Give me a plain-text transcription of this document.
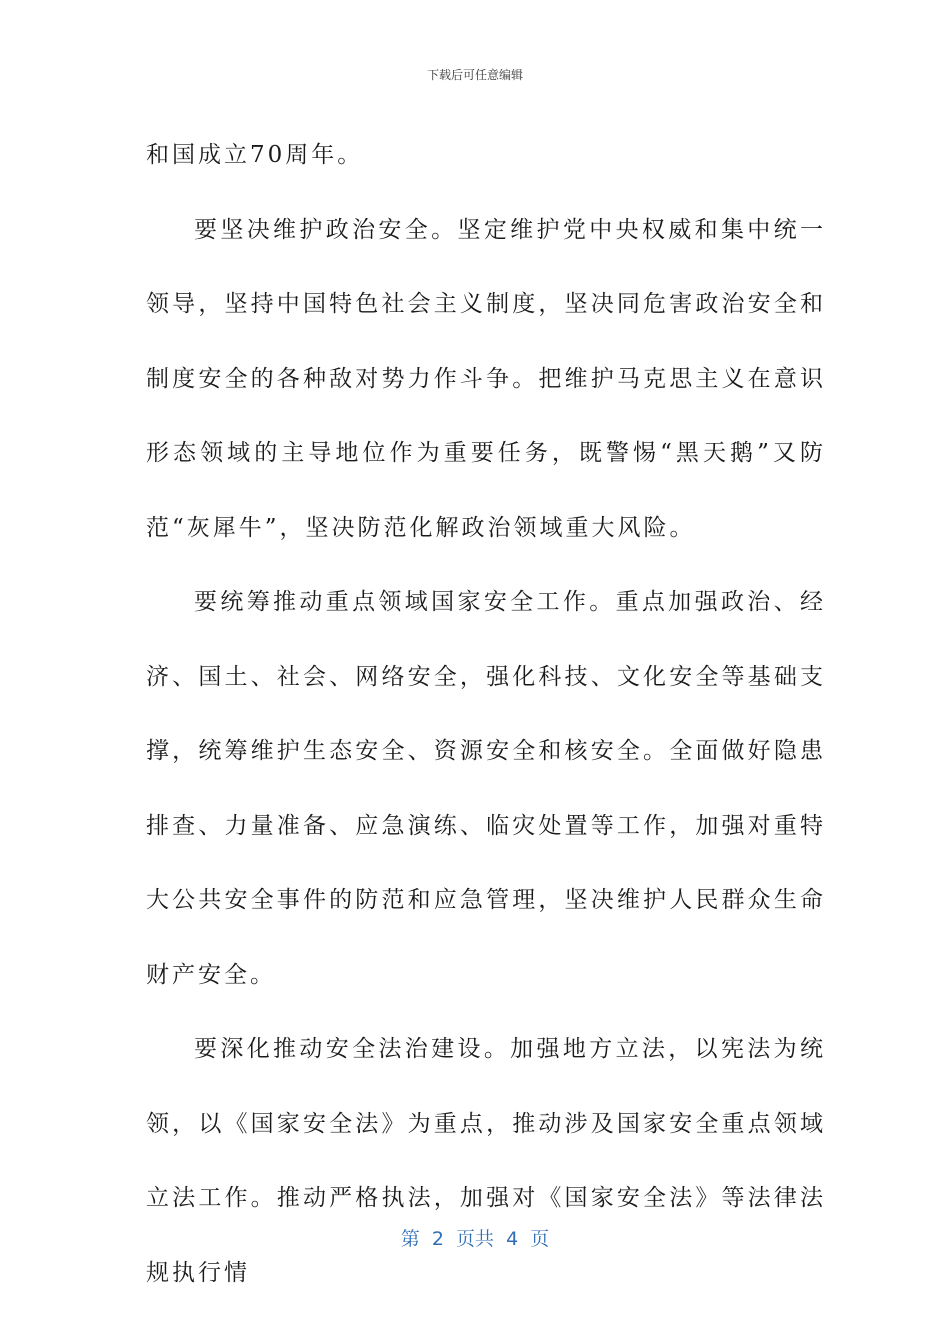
下载后可任意编辑

和国成立70周年。

要坚决维护政治安全。坚定维护党中央权威和集中统一领导，坚持中国特色社会主义制度，坚决同危害政治安全和制度安全的各种敌对势力作斗争。把维护马克思主义在意识形态领域的主导地位作为重要任务，既警惕“黑天鹅”又防范“灰犀牛”，坚决防范化解政治领域重大风险。

要统筹推动重点领域国家安全工作。重点加强政治、经济、国土、社会、网络安全，强化科技、文化安全等基础支撑，统筹维护生态安全、资源安全和核安全。全面做好隐患排查、力量准备、应急演练、临灾处置等工作，加强对重特大公共安全事件的防范和应急管理，坚决维护人民群众生命财产安全。

要深化推动安全法治建设。加强地方立法，以宪法为统领，以《国家安全法》为重点，推动涉及国家安全重点领域立法工作。推动严格执法，加强对《国家安全法》等法律法规执行情

第  2  页共  4  页
